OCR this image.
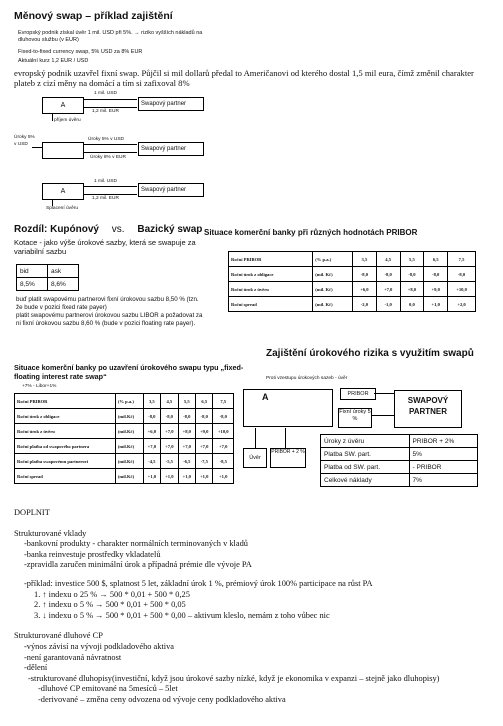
Měnový swap – příklad zajištění
Evropský podnik získal úvěr 1 mil. USD při 5%. → riziko vyšších nákladů na dluhovou službu (v EUR)
Fixed-to-fixed currency swap, 5% USD za 8% EUR
Aktuální kurz 1,2 EUR / USD
evropský podnik uzavřel fixní swap. Půjčil si mil dollarů předal to Američanovi od kterého dostal 1,5 mil eura, čímž změnil charakter plateb z cizí měny na domácí a tím si zafixoval 8%
A	Swapový partner
1 mil. USD
1,2 mil. EUR
příjem úvěru
Úroky 5% v USD
Swapový partner
Úroky 5% v USD
Úroky 8% v EUR
A	Swapový partner
1 mil. USD
1,2 mil. EUR
Splacení úvěru
Rozdíl: Kupónový vs. Bazický swap
Kotace - jako výše úrokové sazby, která se swapuje za variabilní sazbu
bid	ask
8,5%	8,6%
buď platit swapovému partnerovi fixní úrokovou sazbu 8,50 % (tzn. že bude v pozici fixed rate payer)
platit swapovému partnerovi úrokovou sazbu LIBOR a požadovat za ni fixní úrokovou sazbu 8,60 % (bude v pozici floating rate payer).
Situace komerční banky při různých hodnotách PRIBOR
Roční PRIBOR	(% p.a.)	3,5	4,5	5,5	6,5	7,5
Roční úrok z obligace	(mil. Kč)	-8,0	-8,0	-8,0	-8,0	-8,0
Roční úrok z úvěru	(mil. Kč)	+6,0	+7,0	+8,0	+9,0	+10,0
Roční spread	(mil. Kč)	-2,0	-1,0	0,0	+1,0	+2,0
Situace komerční banky po uzavření úrokového swapu typu „fixed-floating interest rate swap“
+7% - Libor+1%
Roční PRIBOR	(% p.a.)	3,5	4,5	5,5	6,5	7,5
Roční úrok z obligace	(mil.Kč)	-8,0	-8,0	-8,0	-8,0	-8,0
Roční úrok z úvěru	(mil.Kč)	+6,0	+7,0	+8,0	+9,0	+10,0
Roční platba od swapového partnera	(mil.Kč)	+7,0	+7,0	+7,0	+7,0	+7,0
Roční platba swapovému partnerovi	(mil.Kč)	-4,5	-5,5	-6,5	-7,5	-8,5
Roční spread	(mil.Kč)	+1,0	+1,0	+1,0	+1,0	+1,0
Zajištění úrokového rizika s využitím swapů
Proti vzestupu úrokových sazeb - úvěr
A	PRIBOR
Fixní úroky 5 %
SWAPOVÝ PARTNER
Úvěr
PRIBOR + 2 %
Úroky z úvěru	PRIBOR + 2%
Platba SW. part.	5%
Platba od SW. part.	- PRIBOR
Celkové náklady	7%
DOPLNIT
Strukturované vklady
-bankovní produkty - charakter normálních terminovaných v kladů
-banka reinvestuje prostředky vkladatelů
-zpravidla zaručen minimální úrok a případná prémie dle vývoje PA
-příklad: investice 500 $, splatnost 5 let, základní úrok 1 %, prémiový úrok 100% participace na růst PA
1. ↑ indexu o 25 % → 500 * 0,01 + 500 * 0,25
2. ↑ indexu o 5 % → 500 * 0,01 + 500 * 0,05
3. ↓ indexu o 5 % → 500 * 0,01 + 500 * 0,00 – aktivum kleslo, nemám z toho vůbec nic
Strukturované dluhové CP
-výnos závisí na vývoji podkladového aktiva
-není garantovaná návratnost
-dělení
-strukturované dluhopisy(investiční, když jsou úrokové sazby nízké, když je ekonomika v expanzi – stejně jako dluhopisy)
-dluhové CP emitované na 5mesíců – 5let
-derivované – změna ceny odvozena od vývoje ceny podkladového aktiva
